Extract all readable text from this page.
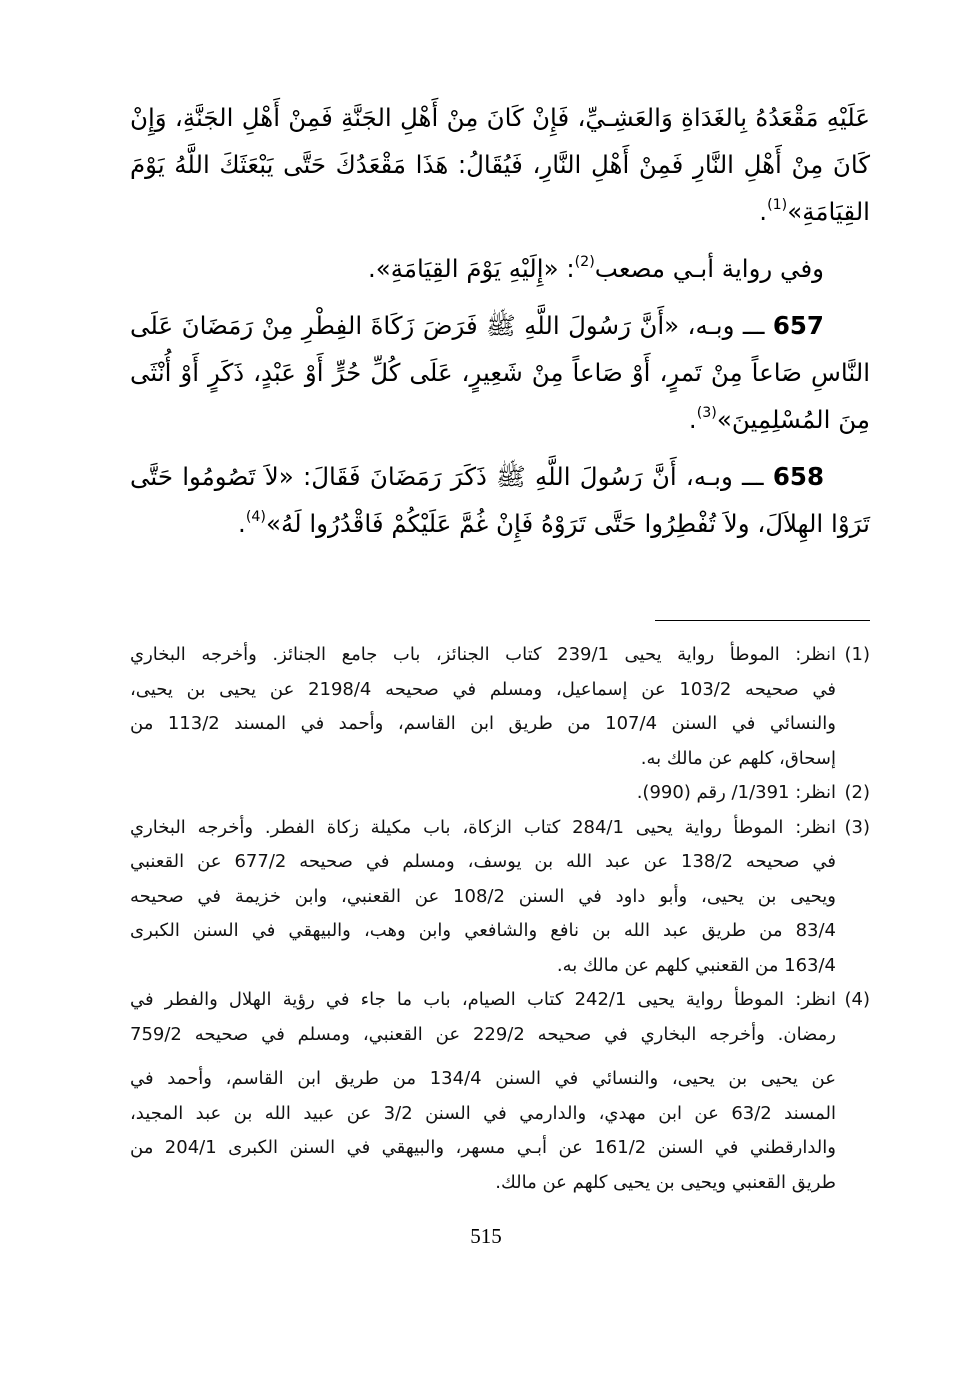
عَلَيْهِ مَقْعَدُهُ بِالغَدَاةِ وَالعَشِـيِّ، فَإِنْ كَانَ مِنْ أَهْلِ الجَنَّةِ فَمِنْ أَهْلِ الجَنَّةِ، وَإِنْ
كَانَ مِنْ أَهْلِ النَّارِ فَمِنْ أَهْلِ النَّارِ، فَيُقَالُ: هَذَا مَقْعَدُكَ حَتَّى يَبْعَثَكَ اللَّهُ يَوْمَ
القِيَامَةِ»$^{(1)}$.
وفي رواية أبـي مصعب$^{(2)}$: «إِلَيْهِ يَوْمَ القِيَامَةِ».
657 ـــ وبـه، «أَنَّ رَسُولَ اللَّهِ ﷺ فَرَضَ زَكَاةَ الفِطْرِ مِنْ رَمَضَانَ عَلَى
النَّاسِ صَاعاً مِنْ تَمرٍ، أَوْ صَاعاً مِنْ شَعِيرٍ، عَلَى كُلِّ حُرٍّ أَوْ عَبْدٍ، ذَكَرٍ أَوْ أُنْثَى
مِنَ المُسْلِمِينَ»$^{(3)}$.
658 ـــ وبـه، أَنَّ رَسُولَ اللَّهِ ﷺ ذَكَرَ رَمَضَانَ فَقَالَ: «لاَ تَصُومُوا حَتَّى
تَرَوْا الهِلاَلَ، ولاَ تُفْطِرُوا حَتَّى تَرَوْهُ فَإِنْ غُمَّ عَلَيْكُمْ فَاقْدُرُوا لَهُ»$^{(4)}$.
(1)
انظر: الموطأ رواية يحيى 239/1 كتاب الجنائز، باب جامع الجنائز. وأخرجه البخاري
في صحيحه 103/2 عن إسماعيل، ومسلم في صحيحه 2198/4 عن يحيى بن يحيى،
والنسائي في السنن 107/4 من طريق ابن القاسم، وأحمد في المسند 113/2 من
إسحاق، كلهم عن مالك به.
(2)
انظر: 1/391/ رقم (990).
(3)
انظر: الموطأ رواية يحيى 284/1 كتاب الزكاة، باب مكيلة زكاة الفطر. وأخرجه البخاري
في صحيحه 138/2 عن عبد الله بن يوسف، ومسلم في صحيحه 677/2 عن القعنبي
ويحيى بن يحيى، وأبو داود في السنن 108/2 عن القعنبي، وابن خزيمة في صحيحه
83/4 من طريق عبد الله بن نافع والشافعي وابن وهب، والبيهقي في السنن الكبرى
163/4 من القعنبي كلهم عن مالك به.
(4)
انظر: الموطأ رواية يحيى 242/1 كتاب الصيام، باب ما جاء في رؤية الهلال والفطر في
رمضان. وأخرجه البخاري في صحيحه 229/2 عن القعنبي، ومسلم في صحيحه 759/2
عن يحيى بن يحيى، والنسائي في السنن 134/4 من طريق ابن القاسم، وأحمد في
المسند 63/2 عن ابن مهدي، والدارمي في السنن 3/2 عن عبيد الله بن عبد المجيد،
والدارقطني في السنن 161/2 عن أبـي مسهر، والبيهقي في السنن الكبرى 204/1 من
طريق القعنبي ويحيى بن يحيى كلهم عن مالك.
515
